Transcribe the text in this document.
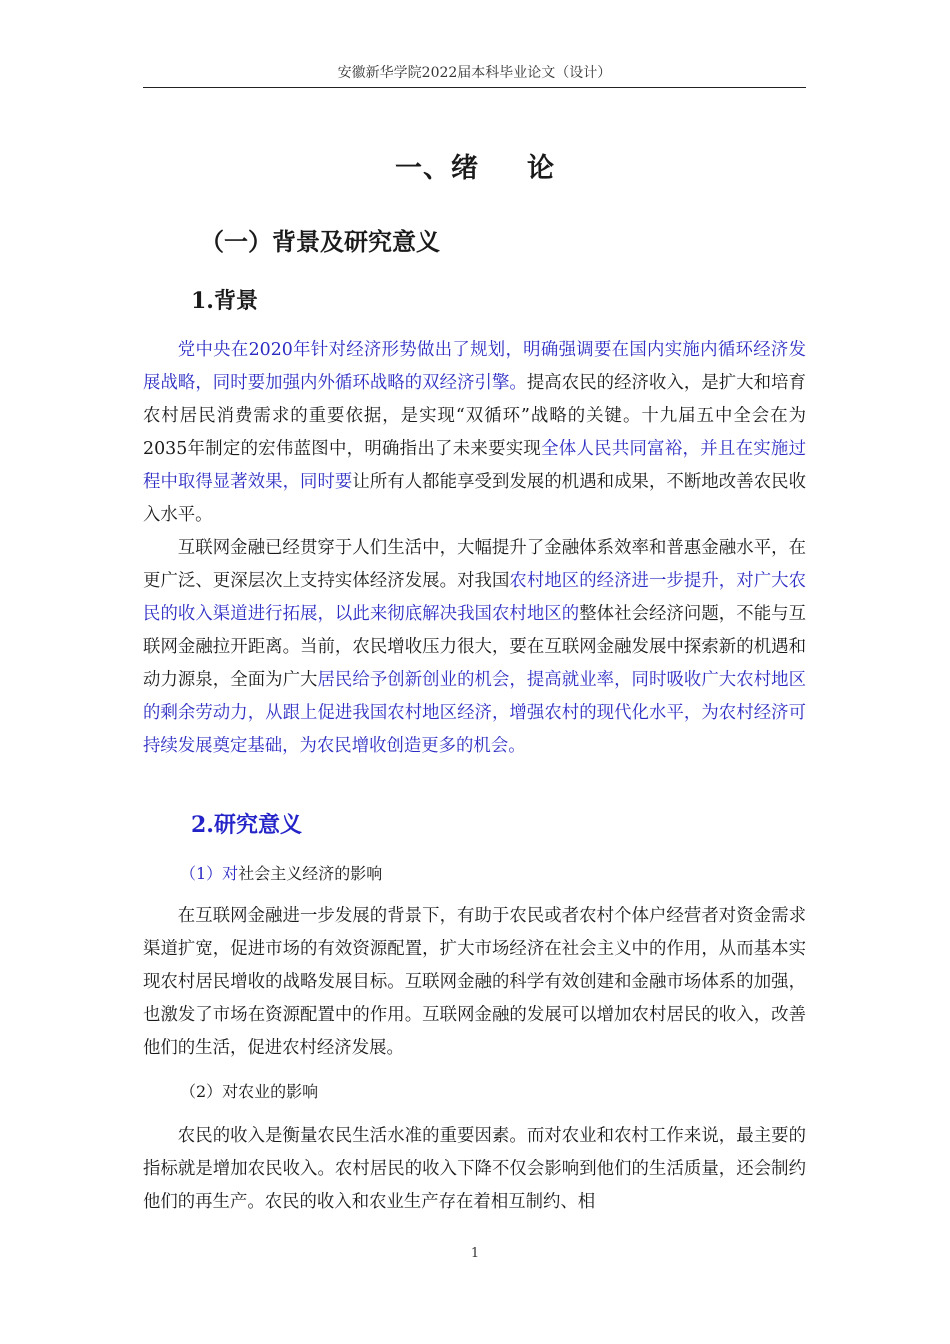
安徽新华学院2022届本科毕业论文（设计）
一、绪 论
（一）背景及研究意义
1.背景

党中央在2020年针对经济形势做出了规划，明确强调要在国内实施内循环经济发展战略，同时要加强内外循环战略的双经济引擎。提高农民的经济收入，是扩大和培育农村居民消费需求的重要依据，是实现“双循环”战略的关键。十九届五中全会在为2035年制定的宏伟蓝图中，明确指出了未来要实现全体人民共同富裕，并且在实施过程中取得显著效果，同时要让所有人都能享受到发展的机遇和成果，不断地改善农民收入水平。

互联网金融已经贯穿于人们生活中，大幅提升了金融体系效率和普惠金融水平，在更广泛、更深层次上支持实体经济发展。对我国农村地区的经济进一步提升，对广大农民的收入渠道进行拓展，以此来彻底解决我国农村地区的整体社会经济问题，不能与互联网金融拉开距离。当前，农民增收压力很大，要在互联网金融发展中探索新的机遇和动力源泉，全面为广大居民给予创新创业的机会，提高就业率，同时吸收广大农村地区的剩余劳动力，从跟上促进我国农村地区经济，增强农村的现代化水平，为农村经济可持续发展奠定基础，为农民增收创造更多的机会。

2.研究意义
（1）对社会主义经济的影响

在互联网金融进一步发展的背景下，有助于农民或者农村个体户经营者对资金需求渠道扩宽，促进市场的有效资源配置，扩大市场经济在社会主义中的作用，从而基本实现农村居民增收的战略发展目标。互联网金融的科学有效创建和金融市场体系的加强，也激发了市场在资源配置中的作用。互联网金融的发展可以增加农村居民的收入，改善他们的生活，促进农村经济发展。

（2）对农业的影响

农民的收入是衡量农民生活水准的重要因素。而对农业和农村工作来说，最主要的指标就是增加农民收入。农村居民的收入下降不仅会影响到他们的生活质量，还会制约他们的再生产。农民的收入和农业生产存在着相互制约、相

1
